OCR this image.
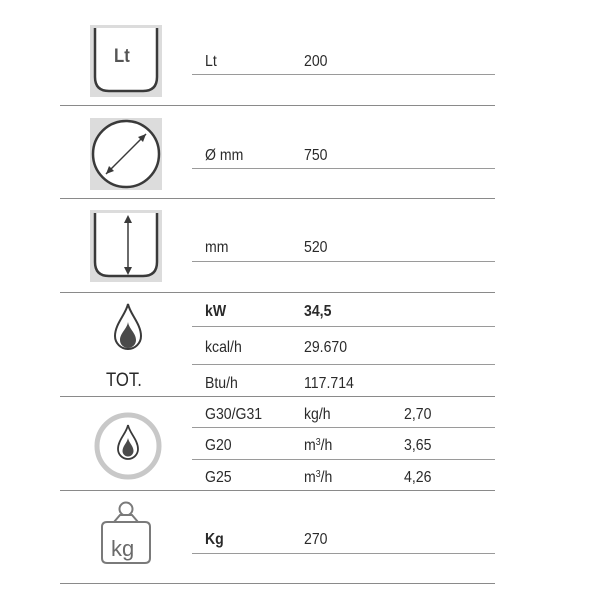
Lt	Lt	200
Ø mm	750
mm	520
TOT.
kW	34,5
kcal/h	29.670
Btu/h	117.714
G30/G31	kg/h	2,70
G20	$m^3/h$	3,65
G25	$m^3/h$	4,26
kg	Kg	270
